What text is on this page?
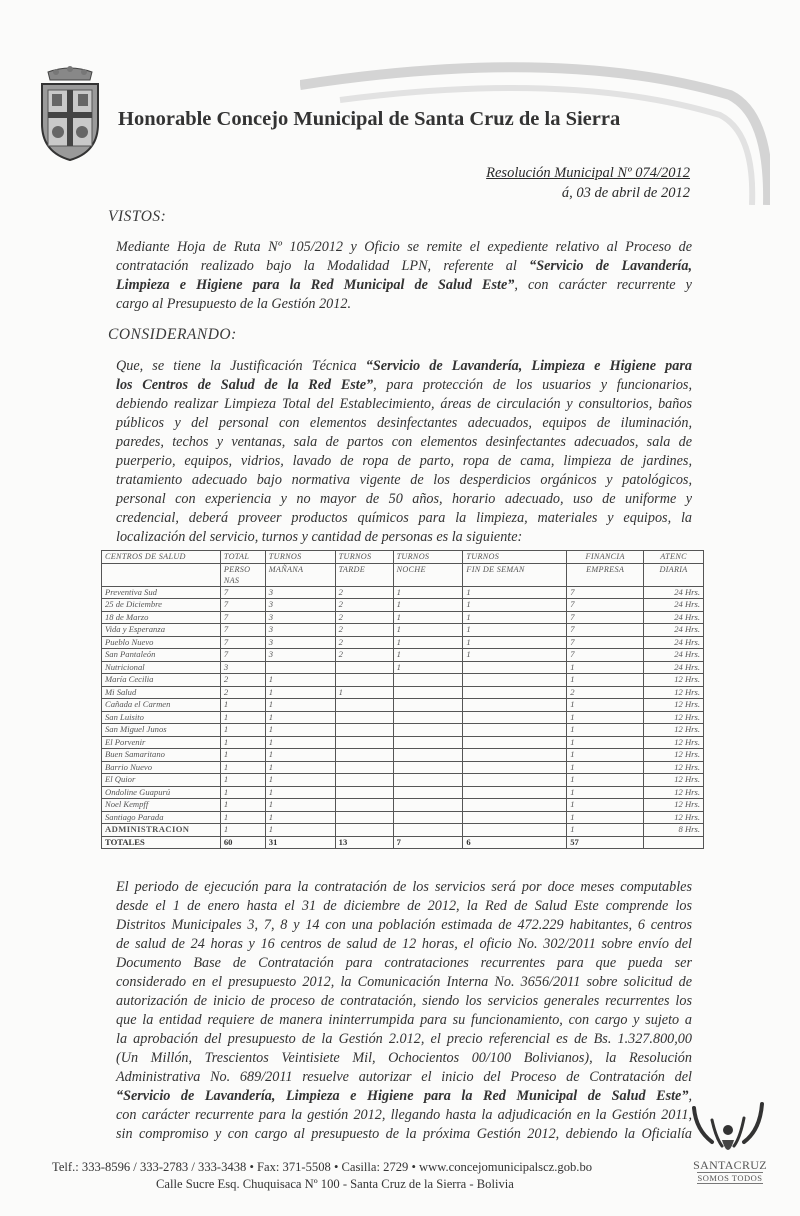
Honorable Concejo Municipal de Santa Cruz de la Sierra
Resolución Municipal Nº 074/2012
á, 03 de abril de 2012
VISTOS:
Mediante Hoja de Ruta Nº 105/2012 y Oficio se remite el expediente relativo al Proceso de
contratación realizado bajo la Modalidad LPN, referente al “Servicio de Lavandería,
Limpieza e Higiene para la Red Municipal de Salud Este”, con carácter recurrente y
cargo al Presupuesto de la Gestión 2012.
CONSIDERANDO:
Que, se tiene la Justificación Técnica “Servicio de Lavandería, Limpieza e Higiene para
los Centros de Salud de la Red Este”, para protección de los usuarios y funcionarios,
debiendo realizar Limpieza Total del Establecimiento, áreas de circulación y consultorios, baños
públicos y del personal con elementos desinfectantes adecuados, equipos de iluminación,
paredes, techos y ventanas, sala de partos con elementos desinfectantes adecuados, sala de
puerperio, equipos, vidrios, lavado de ropa de parto, ropa de cama, limpieza de jardines,
tratamiento adecuado bajo normativa vigente de los desperdicios orgánicos y patológicos,
personal con experiencia y no mayor de 50 años, horario adecuado, uso de uniforme y
credencial, deberá proveer productos químicos para la limpieza, materiales y equipos, la
localización del servicio, turnos y cantidad de personas es la siguiente:
CENTROS DE SALUD	TOTAL	TURNOS	TURNOS	TURNOS	TURNOS	FINANCIA	ATENC
	PERSO
NAS	MAÑANA	TARDE	NOCHE	FIN DE SEMAN	EMPRESA	DIARIA
Preventiva Sud	7	3	2	1	1	7	24 Hrs.
25 de Diciembre	7	3	2	1	1	7	24 Hrs.
18 de Marzo	7	3	2	1	1	7	24 Hrs.
Vida y Esperanza	7	3	2	1	1	7	24 Hrs.
Pueblo Nuevo	7	3	2	1	1	7	24 Hrs.
San Pantaleón	7	3	2	1	1	7	24 Hrs.
Nutricional	3			1		1	24 Hrs.
María Cecilia	2	1				1	12 Hrs.
Mi Salud	2	1	1			2	12 Hrs.
Cañada el Carmen	1	1				1	12 Hrs.
San Luisito	1	1				1	12 Hrs.
San Miguel Junos	1	1				1	12 Hrs.
El Porvenir	1	1				1	12 Hrs.
Buen Samaritano	1	1				1	12 Hrs.
Barrio Nuevo	1	1				1	12 Hrs.
El Quior	1	1				1	12 Hrs.
Ondoline Guapurú	1	1				1	12 Hrs.
Noel Kempff	1	1				1	12 Hrs.
Santiago Parada	1	1				1	12 Hrs.
ADMINISTRACION	1	1				1	8 Hrs.
TOTALES	60	31	13	7	6	57	
El periodo de ejecución para la contratación de los servicios será por doce meses computables
desde el 1 de enero hasta el 31 de diciembre de 2012, la Red de Salud Este comprende los
Distritos Municipales 3, 7, 8 y 14 con una población estimada de 472.229 habitantes, 6 centros
de salud de 24 horas y 16 centros de salud de 12 horas, el oficio No. 302/2011 sobre envío del
Documento Base de Contratación para contrataciones recurrentes para que pueda ser
considerado en el presupuesto 2012, la Comunicación Interna No. 3656/2011 sobre solicitud de
autorización de inicio de proceso de contratación, siendo los servicios generales recurrentes los
que la entidad requiere de manera ininterrumpida para su funcionamiento, con cargo y sujeto a
la aprobación del presupuesto de la Gestión 2.012, el precio referencial es de Bs. 1.327.800,00
(Un Millón, Trescientos Veintisiete Mil, Ochocientos 00/100 Bolivianos), la Resolución
Administrativa No. 689/2011 resuelve autorizar el inicio del Proceso de Contratación del
“Servicio de Lavandería, Limpieza e Higiene para la Red Municipal de Salud Este”,
con carácter recurrente para la gestión 2012, llegando hasta la adjudicación en la Gestión 2011,
sin compromiso y con cargo al presupuesto de la próxima Gestión 2012, debiendo la Oficialía
Telf.: 333-8596 / 333-2783 / 333-3438 • Fax: 371-5508 • Casilla: 2729 • www.concejomunicipalscz.gob.bo
Calle Sucre Esq. Chuquisaca Nº 100 - Santa Cruz de la Sierra - Bolivia
SANTACRUZ
SOMOS TODOS
